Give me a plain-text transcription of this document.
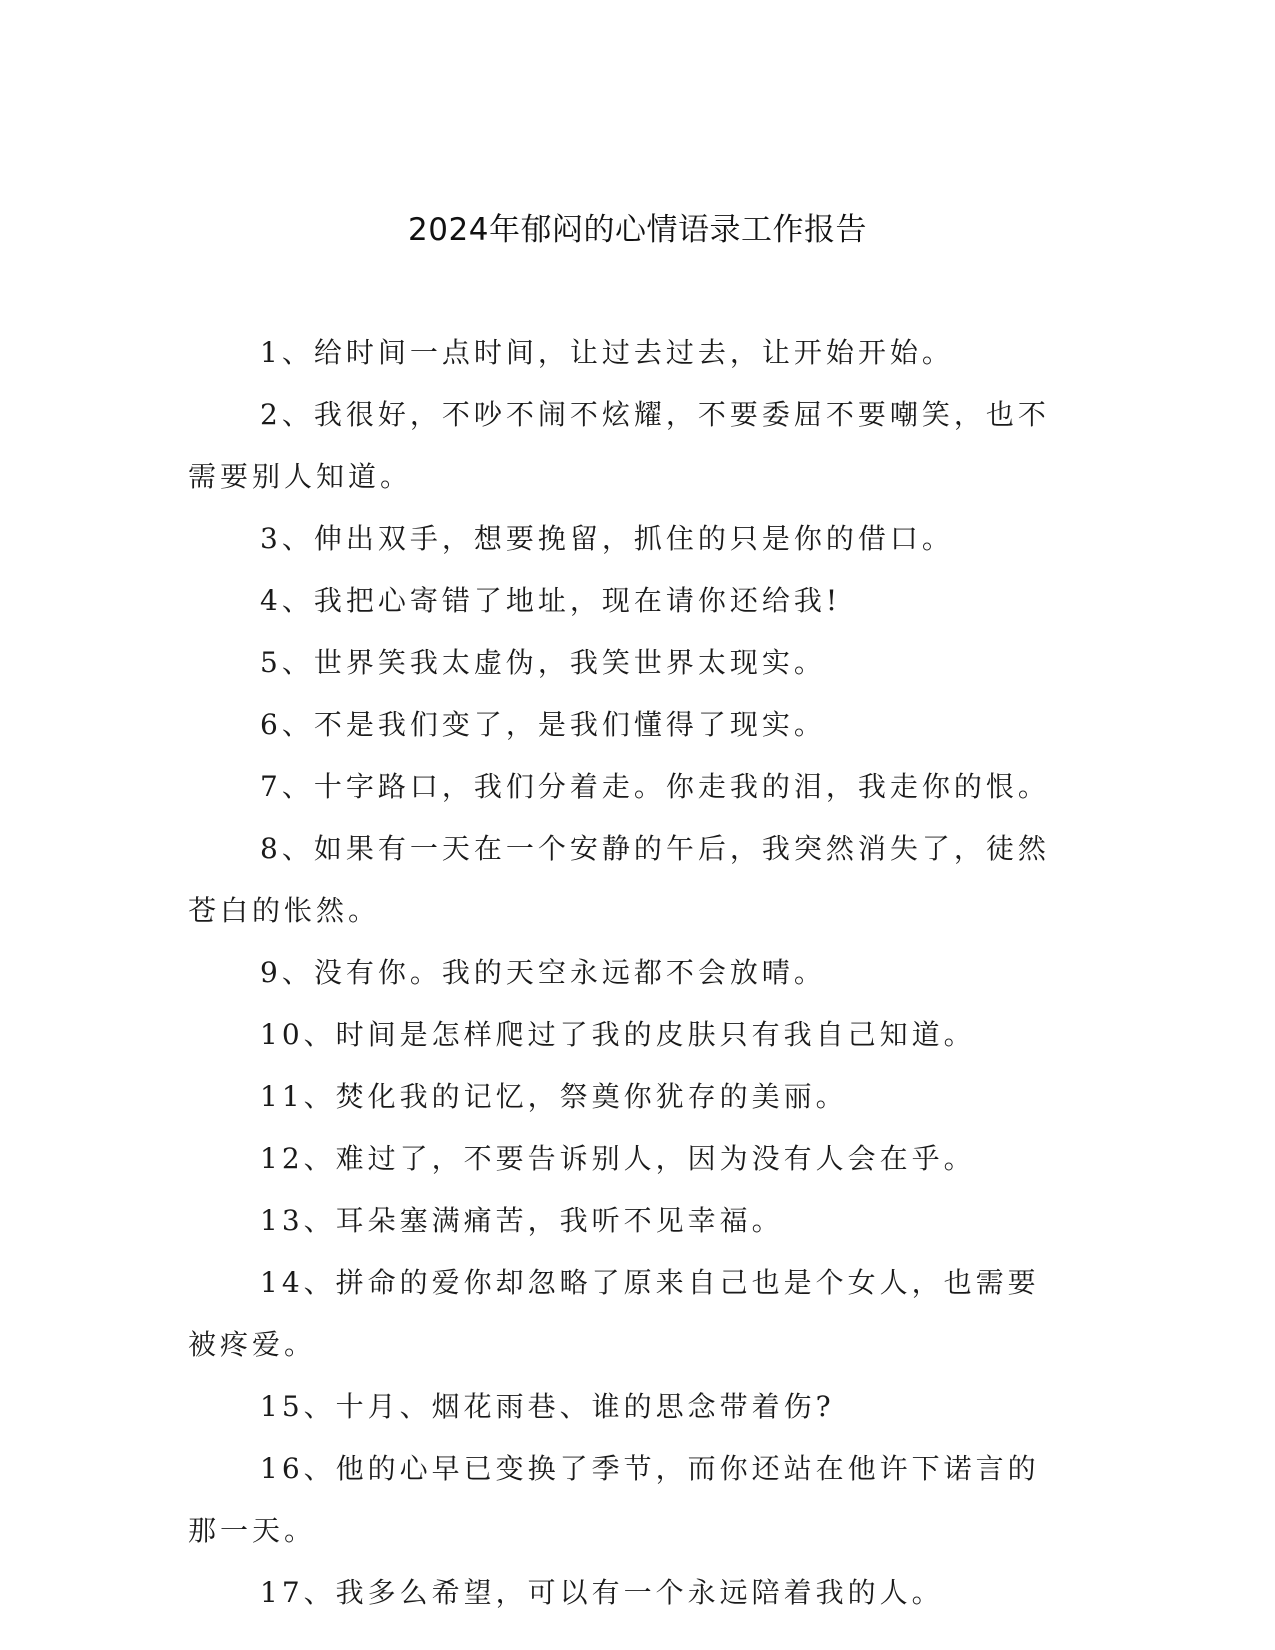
2024年郁闷的心情语录工作报告

1、给时间一点时间，让过去过去，让开始开始。

2、我很好，不吵不闹不炫耀，不要委屈不要嘲笑，也不需要别人知道。

3、伸出双手，想要挽留，抓住的只是你的借口。

4、我把心寄错了地址，现在请你还给我!

5、世界笑我太虚伪，我笑世界太现实。

6、不是我们变了，是我们懂得了现实。

7、十字路口，我们分着走。你走我的泪，我走你的恨。

8、如果有一天在一个安静的午后，我突然消失了，徒然苍白的怅然。

9、没有你。我的天空永远都不会放晴。

10、时间是怎样爬过了我的皮肤只有我自己知道。

11、焚化我的记忆，祭奠你犹存的美丽。

12、难过了，不要告诉别人，因为没有人会在乎。

13、耳朵塞满痛苦，我听不见幸福。

14、拼命的爱你却忽略了原来自己也是个女人，也需要被疼爱。

15、十月、烟花雨巷、谁的思念带着伤?

16、他的心早已变换了季节，而你还站在他许下诺言的那一天。

17、我多么希望，可以有一个永远陪着我的人。
